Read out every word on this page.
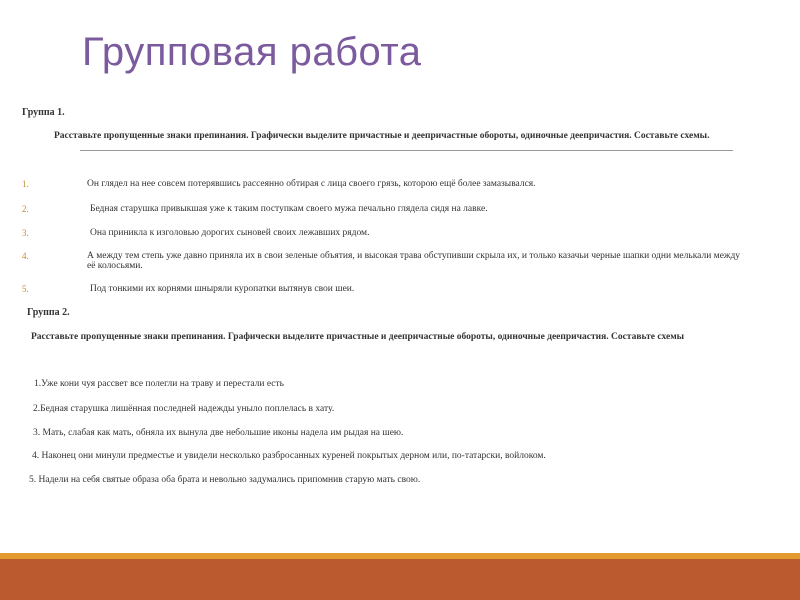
Групповая работа
Группа 1.
Расставьте пропущенные знаки препинания. Графически выделите причастные и деепричастные обороты, одиночные деепричастия. Составьте схемы.
1.	Он глядел на нее совсем потерявшись рассеянно обтирая с лица своего грязь, которою ещё более замазывался.
2.	Бедная старушка привыкшая уже к таким поступкам своего мужа печально глядела сидя на лавке.
3.	Она приникла к изголовью дорогих сыновей своих лежавших рядом.
4.	А между тем степь уже давно приняла их в свои зеленые объятия, и высокая трава обступивши скрыла их, и только казачьи черные шапки одни мелькали между её колосьями.
5.	Под тонкими их корнями шныряли куропатки вытянув свои шеи.
Группа 2.
Расставьте пропущенные знаки препинания. Графически выделите причастные и деепричастные обороты, одиночные деепричастия. Составьте схемы
1.Уже кони чуя рассвет все полегли на траву и перестали есть
2.Бедная старушка лишённая последней надежды уныло поплелась в хату.
3. Мать, слабая как мать, обняла их вынула две небольшие иконы надела им рыдая на шею.
4. Наконец они минули предместье и увидели несколько разбросанных куреней покрытых дерном или, по-татарски, войлоком.
5. Надели на себя святые образа оба брата и невольно задумались припомнив старую мать свою.
